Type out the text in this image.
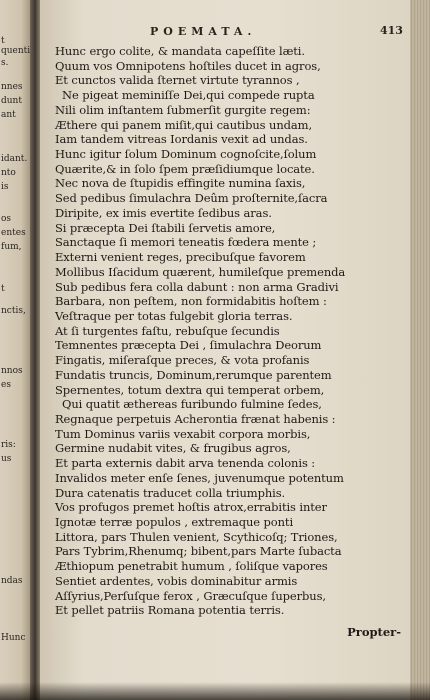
t
quenti
s.
nnes
dunt
ant
idant.
nto
is
os
entes
fum,
t
nctis,
nnos
es
ris:
us
ndas
Hunc
POEMATA.	413
Hunc ergo colite, & mandata capeſſite læti.
Quum vos Omnipotens hoſtiles ducet in agros,
Et cunctos valida ſternet virtute tyrannos ,
Ne pigeat meminiſſe Dei,qui compede rupta
Nili olim inſtantem ſubmerſit gurgite regem:
Æthere qui panem miſit,qui cautibus undam,
Iam tandem vitreas Iordanis vexit ad undas.
Hunc igitur ſolum Dominum cognoſcite,ſolum
Quærite,& in ſolo ſpem præſidiumque locate.
Nec nova de ſtupidis effingite numina ſaxis,
Sed pedibus ſimulachra Deûm proſternite,ſacra
Diripite, ex imis evertite ſedibus aras.
Si præcepta Dei ſtabili ſervetis amore,
Sanctaque ſi memori teneatis fœdera mente ;
Externi venient reges, precibuſque favorem
Mollibus Iſacidum quærent, humileſque premenda
Sub pedibus fera colla dabunt : non arma Gradivi
Barbara, non peſtem, non formidabitis hoſtem :
Veſtraque per totas fulgebit gloria terras.
At ſi turgentes faſtu, rebuſque ſecundis
Temnentes præcepta Dei , ſimulachra Deorum
Fingatis, miſeraſque preces, & vota profanis
Fundatis truncis, Dominum,rerumque parentem
Spernentes, totum dextra qui temperat orbem,
Qui quatit æthereas furibundo fulmine ſedes,
Regnaque perpetuis Acherontia frænat habenis :
Tum Dominus variis vexabit corpora morbis,
Germine nudabit vites, & frugibus agros,
Et parta externis dabit arva tenenda colonis :
Invalidos meter enſe ſenes, juvenumque potentum
Dura catenatis traducet colla triumphis.
Vos profugos premet hoſtis atrox,errabitis inter
Ignotæ terræ populos , extremaque ponti
Littora, pars Thulen venient, Scythicoſq; Triones,
Pars Tybrim,Rhenumq; bibent,pars Marte ſubacta
Æthiopum penetrabit humum , ſoliſque vapores
Sentiet ardentes, vobis dominabitur armis
Aſſyrius,Perſuſque ferox , Græcuſque ſuperbus,
Et pellet patriis Romana potentia terris.
Propter-
